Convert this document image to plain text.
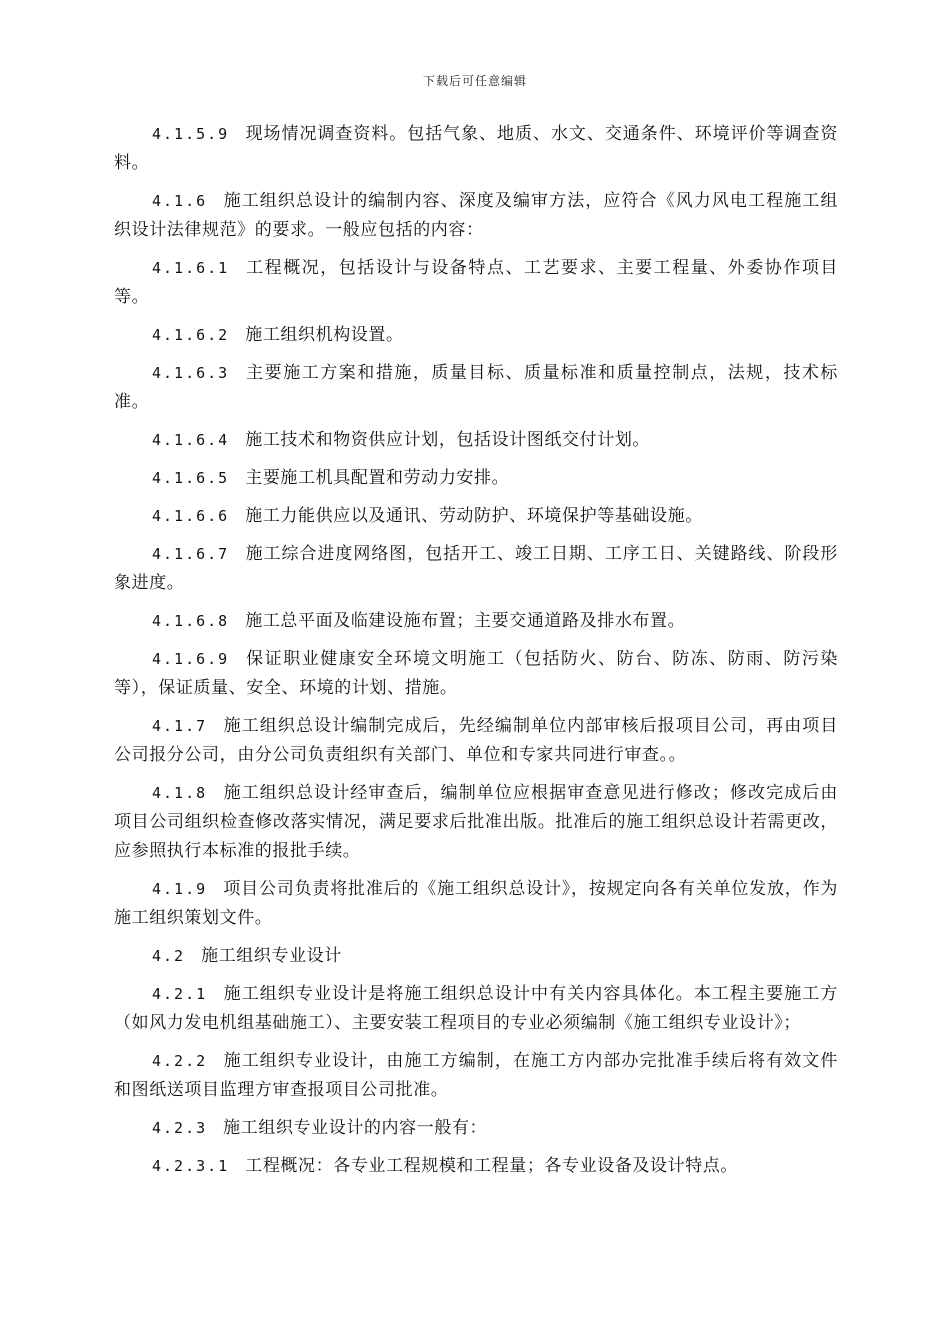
下载后可任意编辑

4.1.5.9 现场情况调查资料。包括气象、地质、水文、交通条件、环境评价等调查资料。

4.1.6 施工组织总设计的编制内容、深度及编审方法，应符合《风力风电工程施工组织设计法律规范》的要求。一般应包括的内容：

4.1.6.1 工程概况，包括设计与设备特点、工艺要求、主要工程量、外委协作项目等。

4.1.6.2 施工组织机构设置。

4.1.6.3 主要施工方案和措施，质量目标、质量标准和质量控制点，法规，技术标准。

4.1.6.4 施工技术和物资供应计划，包括设计图纸交付计划。

4.1.6.5 主要施工机具配置和劳动力安排。

4.1.6.6 施工力能供应以及通讯、劳动防护、环境保护等基础设施。

4.1.6.7 施工综合进度网络图，包括开工、竣工日期、工序工日、关键路线、阶段形象进度。

4.1.6.8 施工总平面及临建设施布置；主要交通道路及排水布置。

4.1.6.9 保证职业健康安全环境文明施工（包括防火、防台、防冻、防雨、防污染等），保证质量、安全、环境的计划、措施。

4.1.7 施工组织总设计编制完成后，先经编制单位内部审核后报项目公司，再由项目公司报分公司，由分公司负责组织有关部门、单位和专家共同进行审查。。

4.1.8 施工组织总设计经审查后，编制单位应根据审查意见进行修改；修改完成后由项目公司组织检查修改落实情况，满足要求后批准出版。批准后的施工组织总设计若需更改，应参照执行本标准的报批手续。

4.1.9 项目公司负责将批准后的《施工组织总设计》，按规定向各有关单位发放，作为施工组织策划文件。

4.2 施工组织专业设计

4.2.1 施工组织专业设计是将施工组织总设计中有关内容具体化。本工程主要施工方（如风力发电机组基础施工）、主要安装工程项目的专业必须编制《施工组织专业设计》；

4.2.2 施工组织专业设计，由施工方编制，在施工方内部办完批准手续后将有效文件和图纸送项目监理方审查报项目公司批准。

4.2.3 施工组织专业设计的内容一般有：

4.2.3.1 工程概况：各专业工程规模和工程量；各专业设备及设计特点。
